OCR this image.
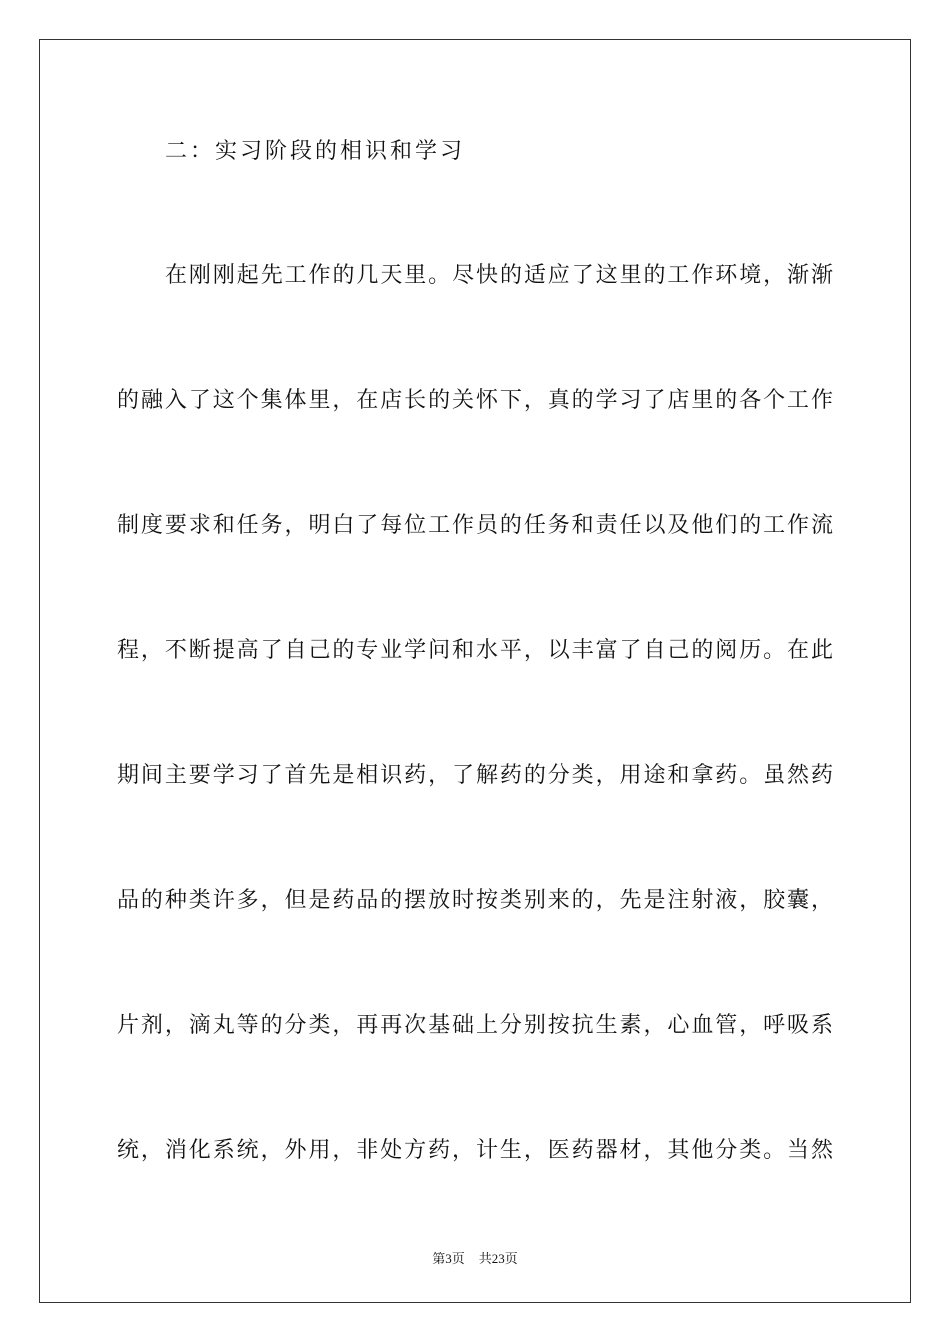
二：实习阶段的相识和学习
在刚刚起先工作的几天里。尽快的适应了这里的工作环境，渐渐
的融入了这个集体里，在店长的关怀下，真的学习了店里的各个工作
制度要求和任务，明白了每位工作员的任务和责任以及他们的工作流
程，不断提高了自己的专业学问和水平，以丰富了自己的阅历。在此
期间主要学习了首先是相识药，了解药的分类，用途和拿药。虽然药
品的种类许多，但是药品的摆放时按类别来的，先是注射液，胶囊，
片剂，滴丸等的分类，再再次基础上分别按抗生素，心血管，呼吸系
统，消化系统，外用，非处方药，计生，医药器材，其他分类。当然
第3页 共23页
